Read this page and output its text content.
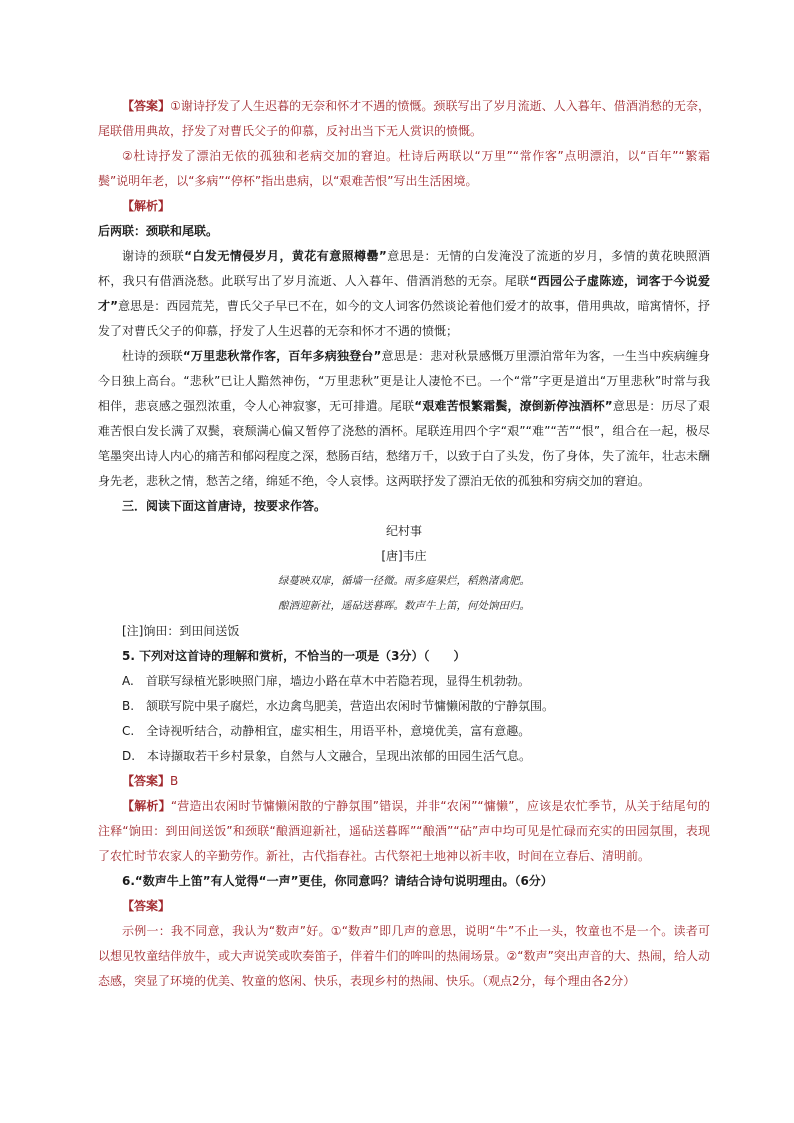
【答案】①谢诗抒发了人生迟暮的无奈和怀才不遇的愤慨。颈联写出了岁月流逝、人入暮年、借酒消愁的无奈，尾联借用典故，抒发了对曹氏父子的仰慕，反衬出当下无人赏识的愤慨。

②杜诗抒发了漂泊无依的孤独和老病交加的窘迫。杜诗后两联以“万里”“常作客”点明漂泊，以“百年”“繁霜鬓”说明年老，以“多病”“停杯”指出患病，以“艰难苦恨”写出生活困境。

【解析】

后两联：颈联和尾联。

谢诗的颈联“白发无情侵岁月，黄花有意照樽罍”意思是：无情的白发淹没了流逝的岁月，多情的黄花映照酒杯，我只有借酒浇愁。此联写出了岁月流逝、人入暮年、借酒消愁的无奈。尾联“西园公子虚陈迹，词客于今说爱才”意思是：西园荒芜，曹氏父子早已不在，如今的文人词客仍然谈论着他们爱才的故事，借用典故，暗寓情怀，抒发了对曹氏父子的仰慕，抒发了人生迟暮的无奈和怀才不遇的愤慨；

杜诗的颈联“万里悲秋常作客，百年多病独登台”意思是：悲对秋景感慨万里漂泊常年为客，一生当中疾病缠身今日独上高台。“悲秋”已让人黯然神伤，“万里悲秋”更是让人凄怆不已。一个“常”字更是道出“万里悲秋”时常与我相伴，悲哀感之强烈浓重，令人心神寂寥，无可排遣。尾联“艰难苦恨繁霜鬓，潦倒新停浊酒杯”意思是：历尽了艰难苦恨白发长满了双鬓，衰颓满心偏又暂停了浇愁的酒杯。尾联连用四个字“艰”“难”“苦”“恨”，组合在一起，极尽笔墨突出诗人内心的痛苦和郁闷程度之深，愁肠百结，愁绪万千，以致于白了头发，伤了身体，失了流年，壮志未酬身先老，悲秋之情，愁苦之绪，绵延不绝，令人哀悸。这两联抒发了漂泊无依的孤独和穷病交加的窘迫。

三．阅读下面这首唐诗，按要求作答。

纪村事

[唐]韦庄

绿蔓映双扉，循墙一径微。雨多庭果烂，稻熟渚禽肥。

酿酒迎新社，遥砧送暮晖。数声牛上笛，何处饷田归。

[注]饷田：到田间送饭

5. 下列对这首诗的理解和赏析，不恰当的一项是（3分）（　　）

A.　首联写绿植光影映照门扉，墙边小路在草木中若隐若现，显得生机勃勃。

B.　颔联写院中果子腐烂，水边禽鸟肥美，营造出农闲时节慵懒闲散的宁静氛围。

C.　全诗视听结合，动静相宜，虚实相生，用语平朴，意境优美，富有意趣。

D.　本诗撷取若干乡村景象，自然与人文融合，呈现出浓郁的田园生活气息。

【答案】B

【解析】“营造出农闲时节慵懒闲散的宁静氛围”错误，并非“农闲”“慵懒”，应该是农忙季节，从关于结尾句的注释“饷田：到田间送饭”和颈联“酿酒迎新社，遥砧送暮晖”“酿酒”“砧”声中均可见是忙碌而充实的田园氛围，表现了农忙时节农家人的辛勤劳作。新社，古代指春社。古代祭祀土地神以祈丰收，时间在立春后、清明前。

6.“数声牛上笛”有人觉得“一声”更佳，你同意吗？请结合诗句说明理由。（6分）

【答案】

示例一：我不同意，我认为“数声”好。①“数声”即几声的意思，说明“牛”不止一头，牧童也不是一个。读者可以想见牧童结伴放牛，或大声说笑或吹奏笛子，伴着牛们的哞叫的热闹场景。②“数声”突出声音的大、热闹，给人动态感，突显了环境的优美、牧童的悠闲、快乐，表现乡村的热闹、快乐。（观点2分，每个理由各2分）
